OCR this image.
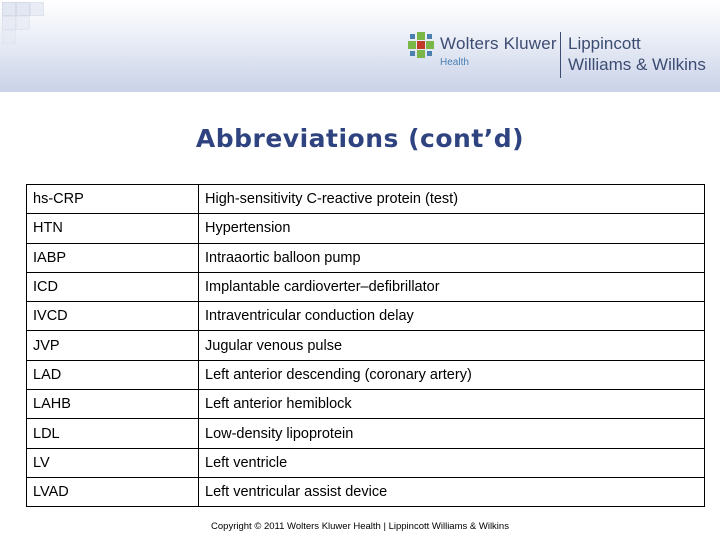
Wolters Kluwer
Health
Lippincott
Williams & Wilkins
Abbreviations (cont’d)
hs-CRP	High-sensitivity C-reactive protein (test)
HTN	Hypertension
IABP	Intraaortic balloon pump
ICD	Implantable cardioverter–defibrillator
IVCD	Intraventricular conduction delay
JVP	Jugular venous pulse
LAD	Left anterior descending (coronary artery)
LAHB	Left anterior hemiblock
LDL	Low-density lipoprotein
LV	Left ventricle
LVAD	Left ventricular assist device
Copyright © 2011 Wolters Kluwer Health | Lippincott Williams & Wilkins
